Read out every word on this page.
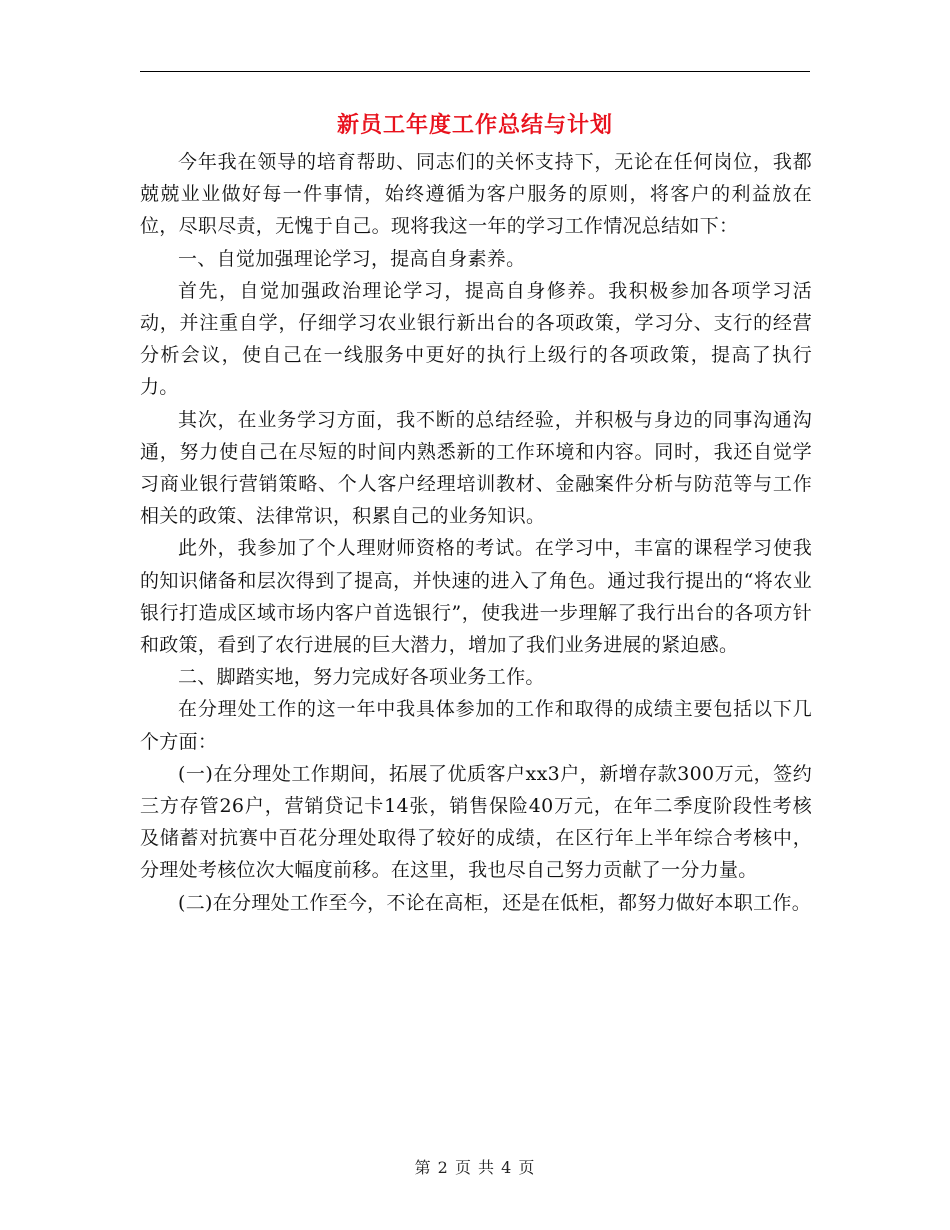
新员工年度工作总结与计划

今年我在领导的培育帮助、同志们的关怀支持下，无论在任何岗位，我都兢兢业业做好每一件事情，始终遵循为客户服务的原则，将客户的利益放在位，尽职尽责，无愧于自己。现将我这一年的学习工作情况总结如下：

一、自觉加强理论学习，提高自身素养。

首先，自觉加强政治理论学习，提高自身修养。我积极参加各项学习活动，并注重自学，仔细学习农业银行新出台的各项政策，学习分、支行的经营分析会议，使自己在一线服务中更好的执行上级行的各项政策，提高了执行力。

其次，在业务学习方面，我不断的总结经验，并积极与身边的同事沟通沟通，努力使自己在尽短的时间内熟悉新的工作环境和内容。同时，我还自觉学习商业银行营销策略、个人客户经理培训教材、金融案件分析与防范等与工作相关的政策、法律常识，积累自己的业务知识。

此外，我参加了个人理财师资格的考试。在学习中，丰富的课程学习使我的知识储备和层次得到了提高，并快速的进入了角色。通过我行提出的“将农业银行打造成区域市场内客户首选银行”，使我进一步理解了我行出台的各项方针和政策，看到了农行进展的巨大潜力，增加了我们业务进展的紧迫感。

二、脚踏实地，努力完成好各项业务工作。

在分理处工作的这一年中我具体参加的工作和取得的成绩主要包括以下几个方面：

(一)在分理处工作期间，拓展了优质客户xx3户，新增存款300万元，签约三方存管26户，营销贷记卡14张，销售保险40万元，在年二季度阶段性考核及储蓄对抗赛中百花分理处取得了较好的成绩，在区行年上半年综合考核中，分理处考核位次大幅度前移。在这里，我也尽自己努力贡献了一分力量。

(二)在分理处工作至今，不论在高柜，还是在低柜，都努力做好本职工作。

第 2 页 共 4 页
